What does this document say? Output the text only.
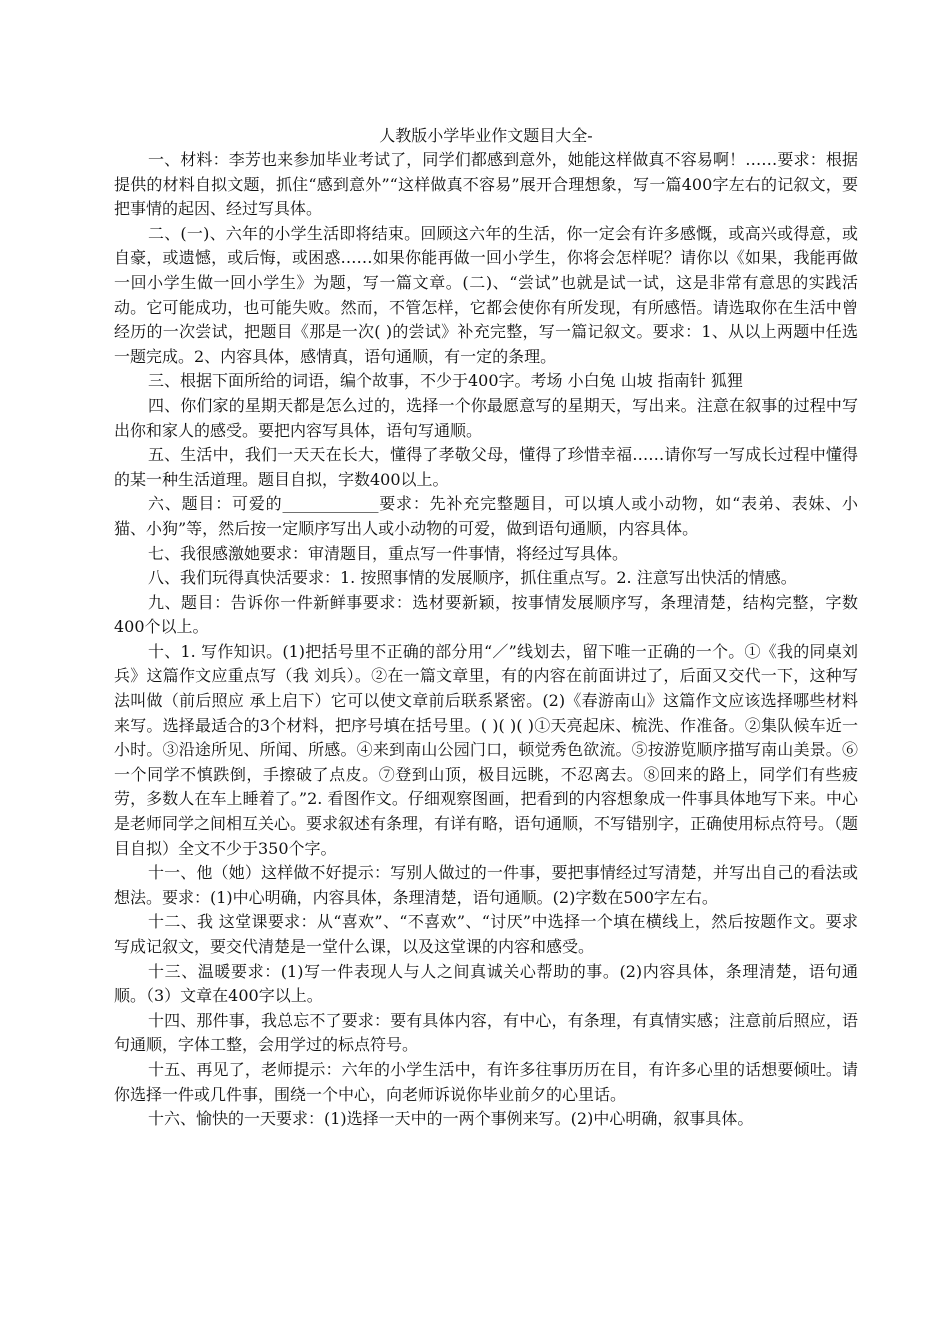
人教版小学毕业作文题目大全-

一、材料：李芳也来参加毕业考试了，同学们都感到意外，她能这样做真不容易啊！……要求：根据提供的材料自拟文题，抓住“感到意外”“这样做真不容易”展开合理想象，写一篇400字左右的记叙文，要把事情的起因、经过写具体。

二、(一)、六年的小学生活即将结束。回顾这六年的生活，你一定会有许多感慨，或高兴或得意，或自豪，或遗憾，或后悔，或困惑……如果你能再做一回小学生，你将会怎样呢？请你以《如果，我能再做一回小学生做一回小学生》为题，写一篇文章。(二)、“尝试”也就是试一试，这是非常有意思的实践活动。它可能成功，也可能失败。然而，不管怎样，它都会使你有所发现，有所感悟。请选取你在生活中曾经历的一次尝试，把题目《那是一次( )的尝试》补充完整，写一篇记叙文。要求：1、从以上两题中任选一题完成。2、内容具体，感情真，语句通顺，有一定的条理。

三、根据下面所给的词语，编个故事，不少于400字。考场 小白兔 山坡 指南针 狐狸

四、你们家的星期天都是怎么过的，选择一个你最愿意写的星期天，写出来。注意在叙事的过程中写出你和家人的感受。要把内容写具体，语句写通顺。

五、生活中，我们一天天在长大，懂得了孝敬父母，懂得了珍惜幸福……请你写一写成长过程中懂得的某一种生活道理。题目自拟，字数400以上。

六、题目：可爱的____________要求：先补充完整题目，可以填人或小动物，如“表弟、表妹、小猫、小狗”等，然后按一定顺序写出人或小动物的可爱，做到语句通顺，内容具体。

七、我很感激她要求：审清题目，重点写一件事情，将经过写具体。

八、我们玩得真快活要求：1. 按照事情的发展顺序，抓住重点写。2. 注意写出快活的情感。

九、题目：告诉你一件新鲜事要求：选材要新颖，按事情发展顺序写，条理清楚，结构完整，字数400个以上。

十、1. 写作知识。(1)把括号里不正确的部分用“／”线划去，留下唯一正确的一个。①《我的同桌刘兵》这篇作文应重点写（我 刘兵）。②在一篇文章里，有的内容在前面讲过了，后面又交代一下，这种写法叫做（前后照应 承上启下）它可以使文章前后联系紧密。(2)《春游南山》这篇作文应该选择哪些材料来写。选择最适合的3个材料，把序号填在括号里。( )( )( )①天亮起床、梳洗、作准备。②集队候车近一小时。③沿途所见、所闻、所感。④来到南山公园门口，顿觉秀色欲流。⑤按游览顺序描写南山美景。⑥一个同学不慎跌倒，手擦破了点皮。⑦登到山顶，极目远眺，不忍离去。⑧回来的路上，同学们有些疲劳，多数人在车上睡着了。”2. 看图作文。仔细观察图画，把看到的内容想象成一件事具体地写下来。中心是老师同学之间相互关心。要求叙述有条理，有详有略，语句通顺，不写错别字，正确使用标点符号。（题目自拟）全文不少于350个字。

十一、他（她）这样做不好提示：写别人做过的一件事，要把事情经过写清楚，并写出自己的看法或想法。要求：(1)中心明确，内容具体，条理清楚，语句通顺。(2)字数在500字左右。

十二、我 这堂课要求：从“喜欢”、“不喜欢”、“讨厌”中选择一个填在横线上，然后按题作文。要求写成记叙文，要交代清楚是一堂什么课，以及这堂课的内容和感受。

十三、温暖要求：(1)写一件表现人与人之间真诚关心帮助的事。(2)内容具体，条理清楚，语句通顺。（3）文章在400字以上。

十四、那件事，我总忘不了要求：要有具体内容，有中心，有条理，有真情实感；注意前后照应，语句通顺，字体工整，会用学过的标点符号。

十五、再见了，老师提示：六年的小学生活中，有许多往事历历在目，有许多心里的话想要倾吐。请你选择一件或几件事，围绕一个中心，向老师诉说你毕业前夕的心里话。

十六、愉快的一天要求：(1)选择一天中的一两个事例来写。(2)中心明确，叙事具体。
